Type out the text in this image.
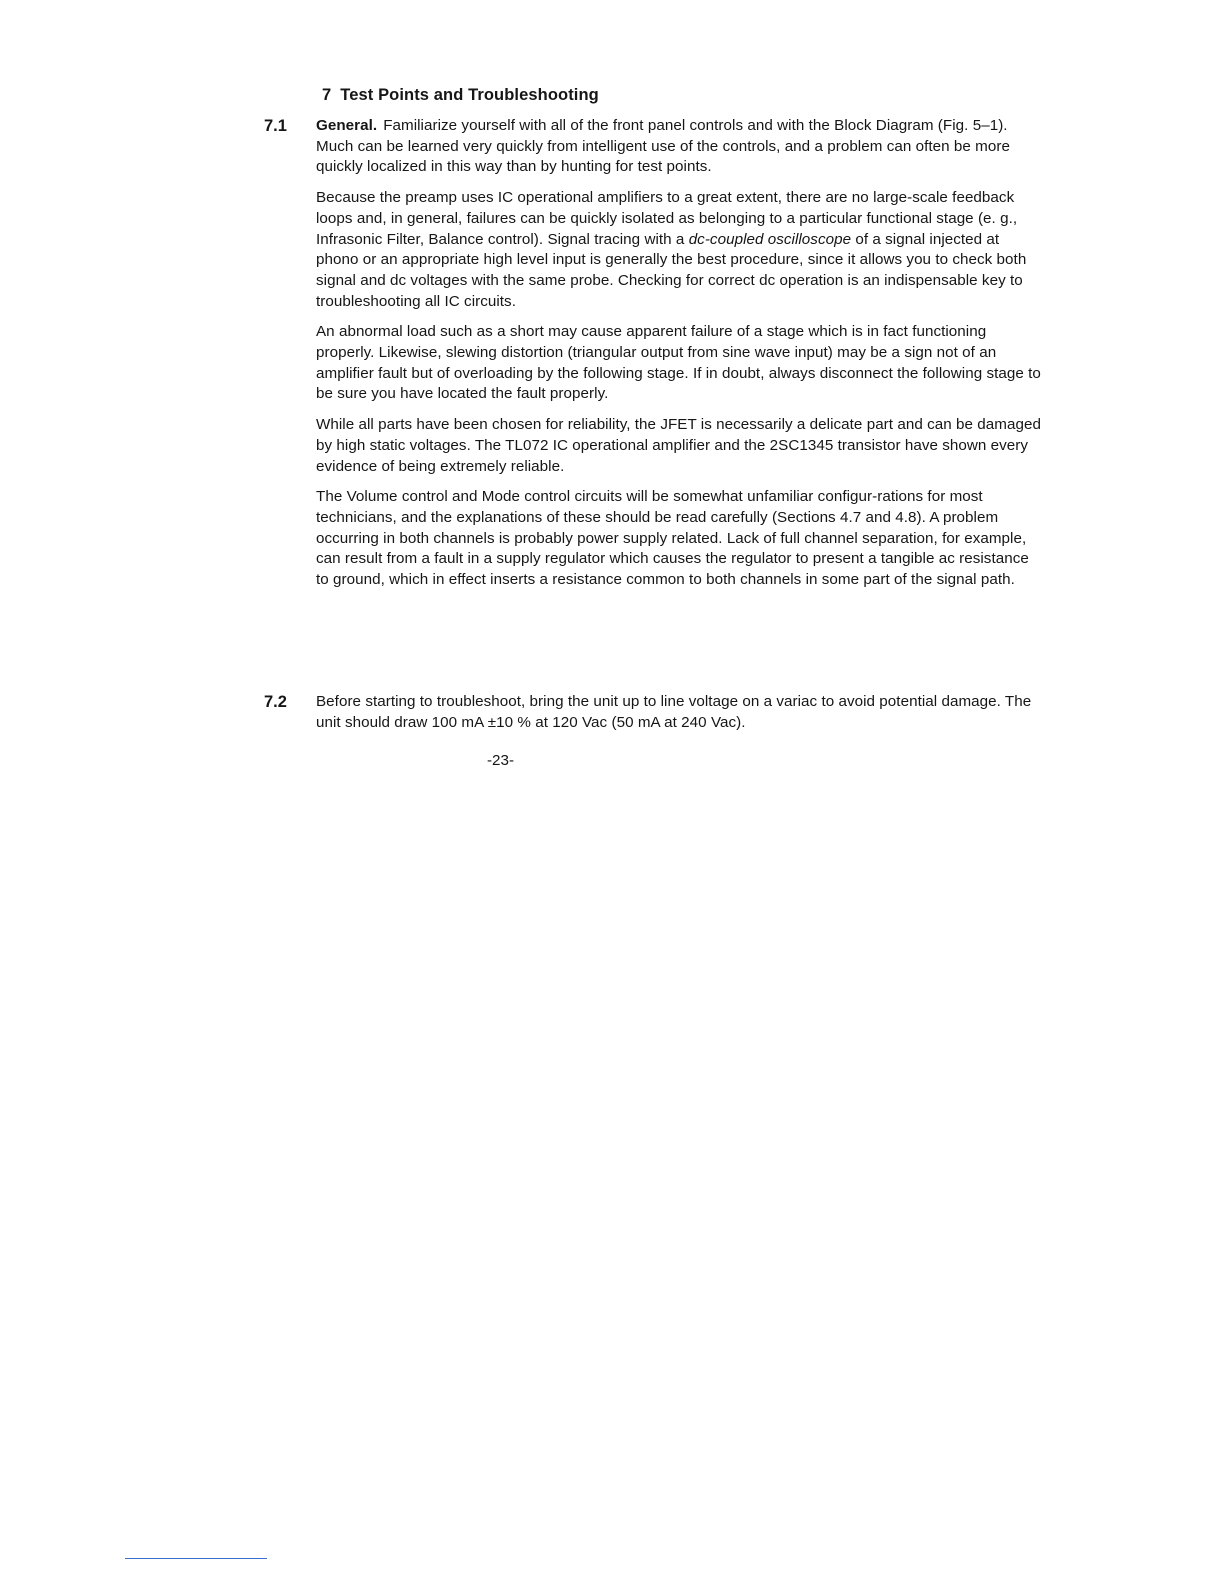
7 Test Points and Troubleshooting
7.1 General. Familiarize yourself with all of the front panel controls and with the Block Diagram (Fig. 5–1). Much can be learned very quickly from intelligent use of the controls, and a problem can often be more quickly localized in this way than by hunting for test points.

Because the preamp uses IC operational amplifiers to a great extent, there are no large-scale feedback loops and, in general, failures can be quickly isolated as belonging to a particular functional stage (e. g., Infrasonic Filter, Balance control). Signal tracing with a dc-coupled oscilloscope of a signal injected at phono or an appropriate high level input is generally the best procedure, since it allows you to check both signal and dc voltages with the same probe. Checking for correct dc operation is an indispensable key to troubleshooting all IC circuits.

An abnormal load such as a short may cause apparent failure of a stage which is in fact functioning properly. Likewise, slewing distortion (triangular output from sine wave input) may be a sign not of an amplifier fault but of overloading by the following stage. If in doubt, always disconnect the following stage to be sure you have located the fault properly.

While all parts have been chosen for reliability, the JFET is necessarily a delicate part and can be damaged by high static voltages. The TL072 IC operational amplifier and the 2SC1345 transistor have shown every evidence of being extremely reliable.

The Volume control and Mode control circuits will be somewhat unfamiliar configur-rations for most technicians, and the explanations of these should be read carefully (Sections 4.7 and 4.8). A problem occurring in both channels is probably power supply related. Lack of full channel separation, for example, can result from a fault in a supply regulator which causes the regulator to present a tangible ac resistance to ground, which in effect inserts a resistance common to both channels in some part of the signal path.

7.2 Before starting to troubleshoot, bring the unit up to line voltage on a variac to avoid potential damage. The unit should draw 100 mA ±10 % at 120 Vac (50 mA at 240 Vac).

-23-
